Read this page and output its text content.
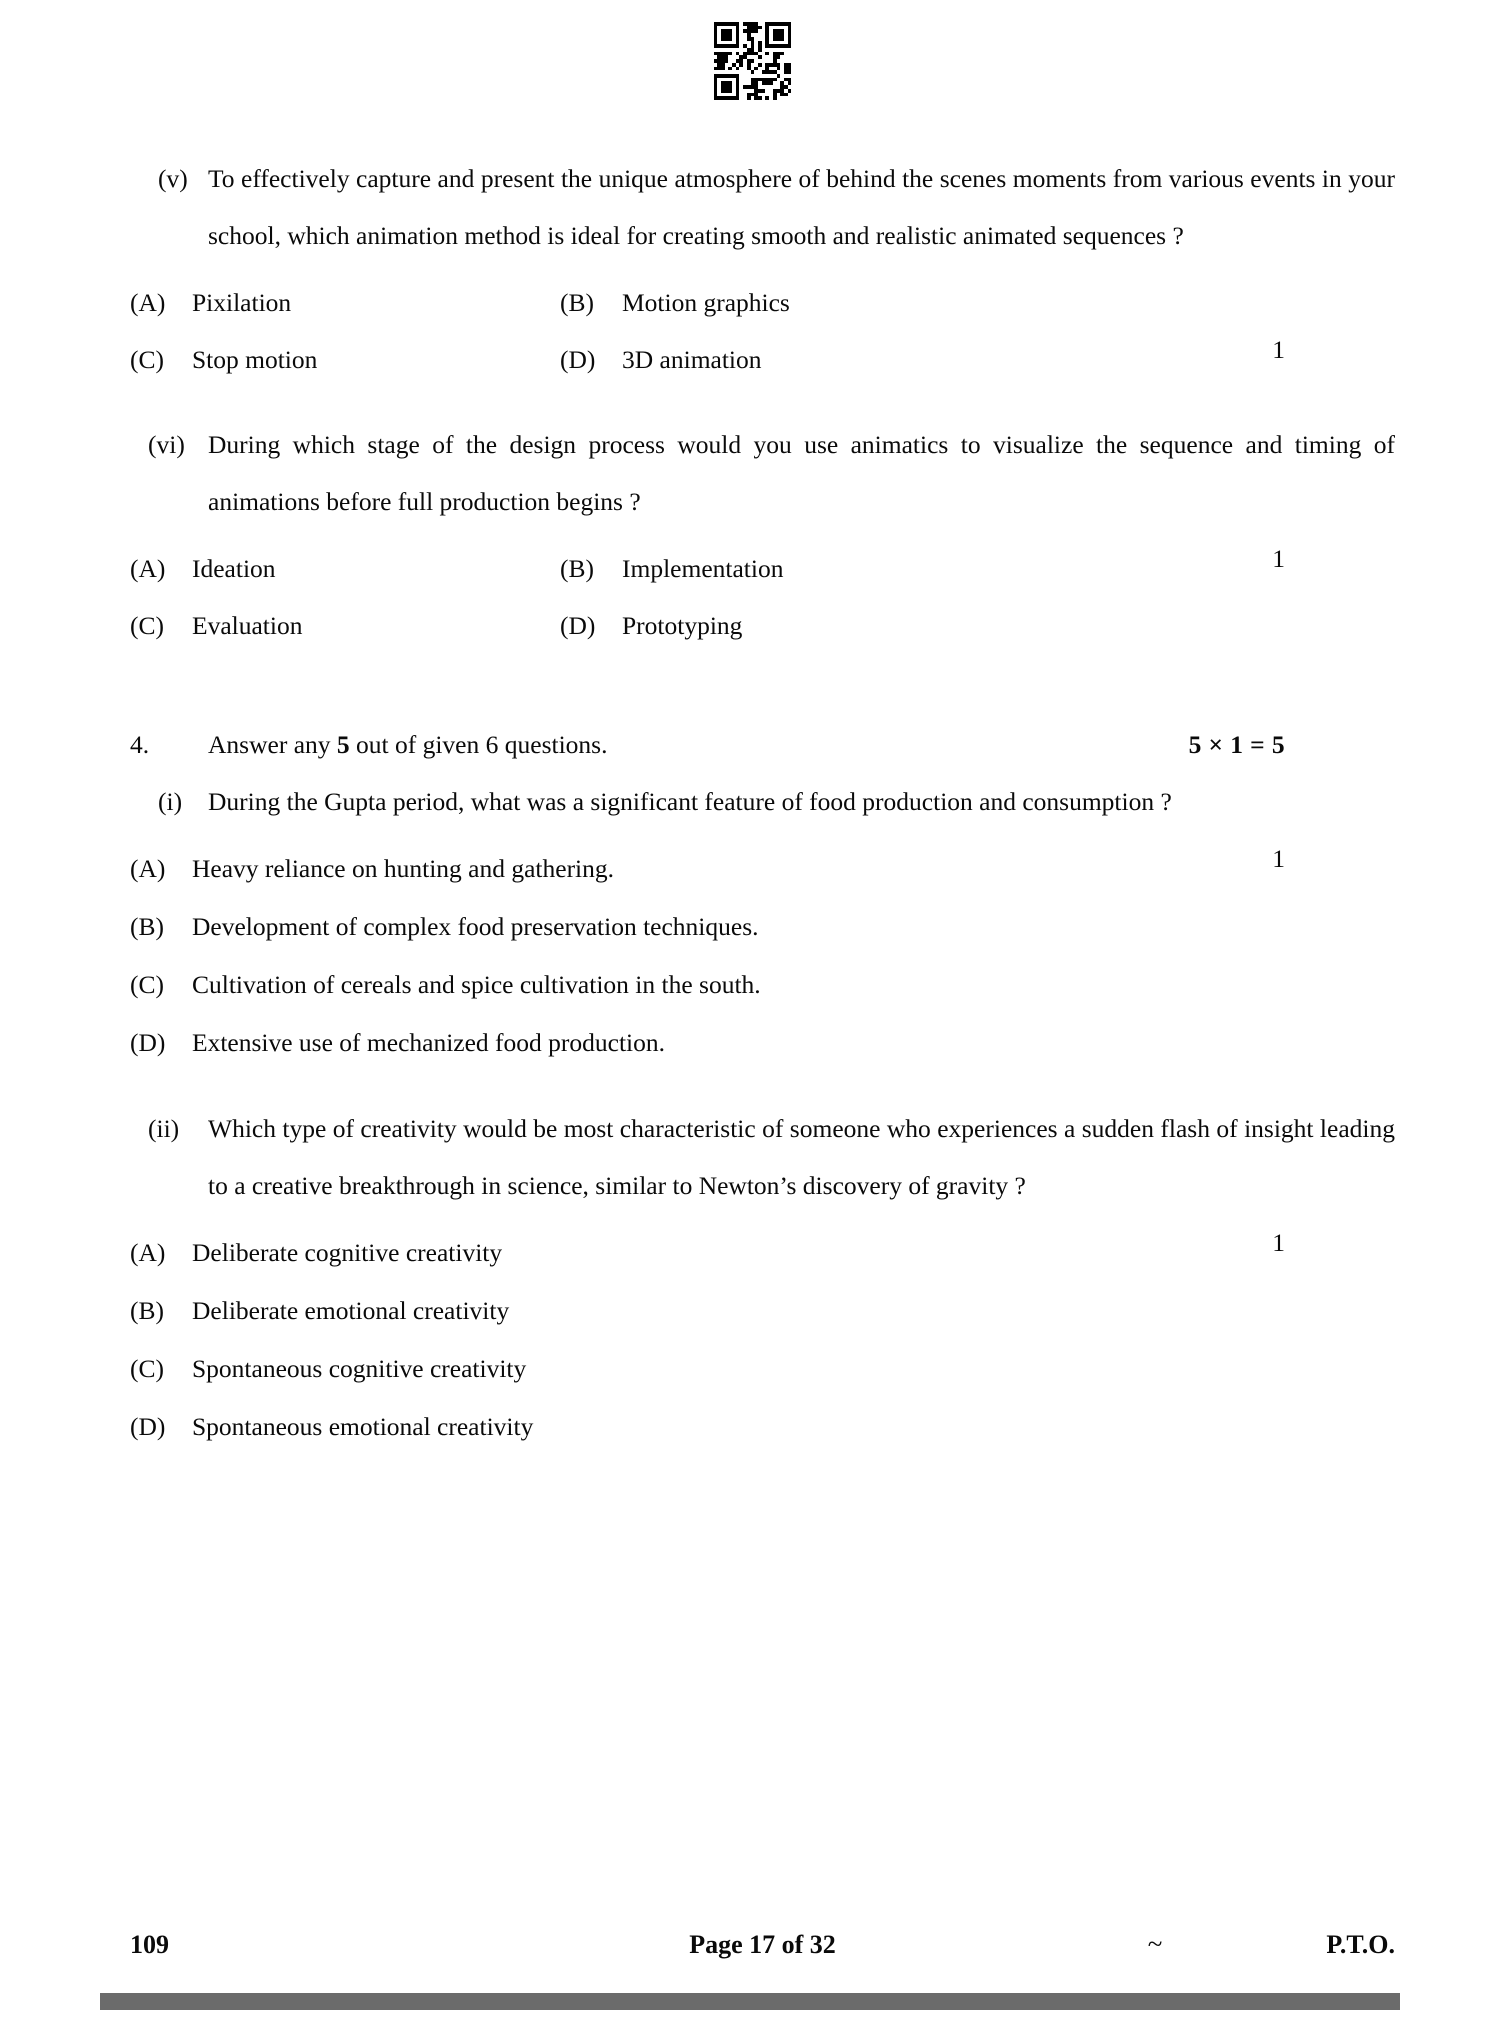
(v) To effectively capture and present the unique atmosphere of behind the scenes moments from various events in your school, which animation method is ideal for creating smooth and realistic animated sequences ?

1
(A)	Pixilation	(B)	Motion graphics
(C)	Stop motion	(D)	3D animation
(vi) During which stage of the design process would you use animatics to visualize the sequence and timing of animations before full production begins ?

1
(A)	Ideation	(B)	Implementation
(C)	Evaluation	(D)	Prototyping
4.	Answer any 5 out of given 6 questions.	5 × 1 = 5
(i)	During the Gupta period, what was a significant feature of food production and consumption ?

1
(A)	Heavy reliance on hunting and gathering.
(B)	Development of complex food preservation techniques.
(C)	Cultivation of cereals and spice cultivation in the south.
(D)	Extensive use of mechanized food production.
(ii)	Which type of creativity would be most characteristic of someone who experiences a sudden flash of insight leading to a creative breakthrough in science, similar to Newton’s discovery of gravity ?

1
(A)	Deliberate cognitive creativity
(B)	Deliberate emotional creativity
(C)	Spontaneous cognitive creativity
(D)	Spontaneous emotional creativity
109	Page 17 of 32	~	P.T.O.
